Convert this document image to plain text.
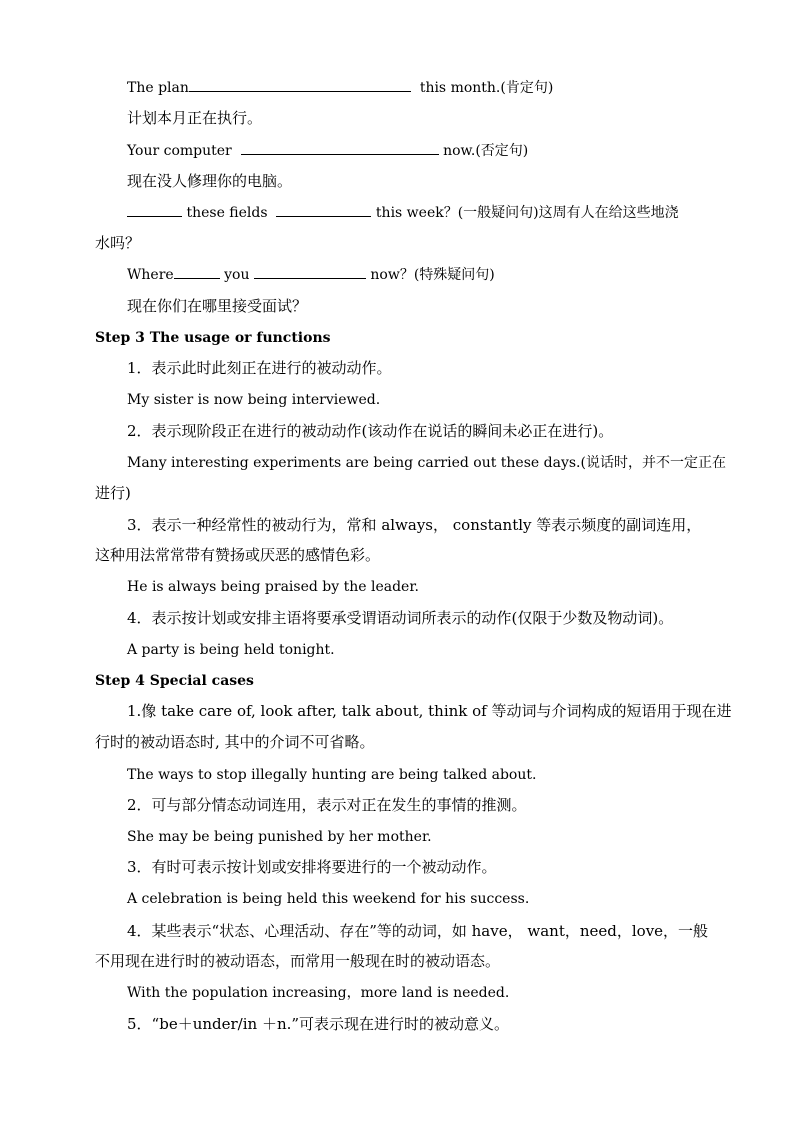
The plan	this month.(肯定句)
计划本月正在执行。
Your computer	now.(否定句)
现在没人修理你的电脑。
these fields	this week？(一般疑问句)这周有人在给这些地浇
水吗？
Where	you	now？(特殊疑问句)
现在你们在哪里接受面试？
Step 3 The usage or functions
1．表示此时此刻正在进行的被动动作。
My sister is now being interviewed.
2．表示现阶段正在进行的被动动作(该动作在说话的瞬间未必正在进行)。
Many interesting experiments are being carried out these days.(说话时，并不一定正在
进行)
3．表示一种经常性的被动行为，常和 always， constantly 等表示频度的副词连用，
这种用法常常带有赞扬或厌恶的感情色彩。
He is always being praised by the leader.
4．表示按计划或安排主语将要承受谓语动词所表示的动作(仅限于少数及物动词)。
A party is being held tonight.
Step 4 Special cases
1.像 take care of, look after, talk about, think of 等动词与介词构成的短语用于现在进
行时的被动语态时, 其中的介词不可省略。
The ways to stop illegally hunting are being talked about.
2．可与部分情态动词连用，表示对正在发生的事情的推测。
She may be being punished by her mother.
3．有时可表示按计划或安排将要进行的一个被动动作。
A celebration is being held this weekend for his success.
4．某些表示“状态、心理活动、存在”等的动词，如 have， want，need，love，一般
不用现在进行时的被动语态，而常用一般现在时的被动语态。
With the population increasing，more land is needed.
5．“be＋under/in ＋n.”可表示现在进行时的被动意义。
